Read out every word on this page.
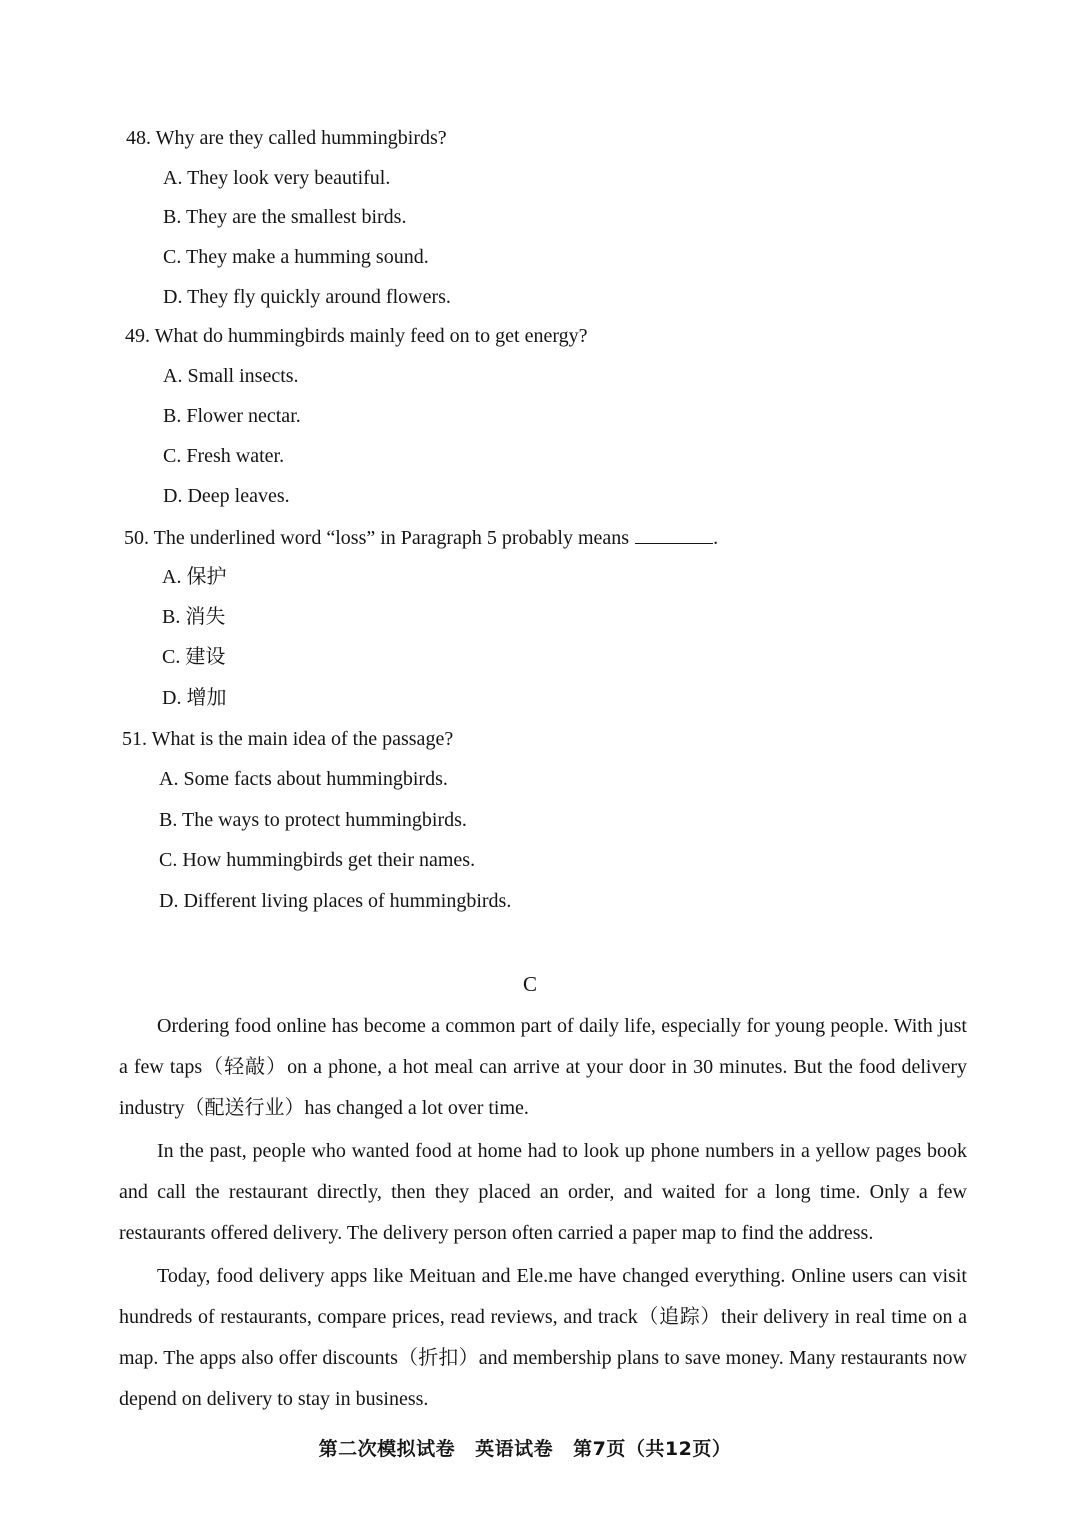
48. Why are they called hummingbirds?
A. They look very beautiful.
B. They are the smallest birds.
C. They make a humming sound.
D. They fly quickly around flowers.
49. What do hummingbirds mainly feed on to get energy?
A. Small insects.
B. Flower nectar.
C. Fresh water.
D. Deep leaves.
50. The underlined word “loss” in Paragraph 5 probably means	.
A. 保护
B. 消失
C. 建设
D. 增加
51. What is the main idea of the passage?
A. Some facts about hummingbirds.
B. The ways to protect hummingbirds.
C. How hummingbirds get their names.
D. Different living places of hummingbirds.
C
Ordering food online has become a common part of daily life, especially for young people. With just a few taps（轻敲）on a phone, a hot meal can arrive at your door in 30 minutes. But the food delivery industry（配送行业）has changed a lot over time.
In the past, people who wanted food at home had to look up phone numbers in a yellow pages book and call the restaurant directly, then they placed an order, and waited for a long time. Only a few restaurants offered delivery. The delivery person often carried a paper map to find the address.
Today, food delivery apps like Meituan and Ele.me have changed everything. Online users can visit hundreds of restaurants, compare prices, read reviews, and track（追踪）their delivery in real time on a map. The apps also offer discounts（折扣）and membership plans to save money. Many restaurants now depend on delivery to stay in business.
第二次模拟试卷 英语试卷 第7页（共12页）
